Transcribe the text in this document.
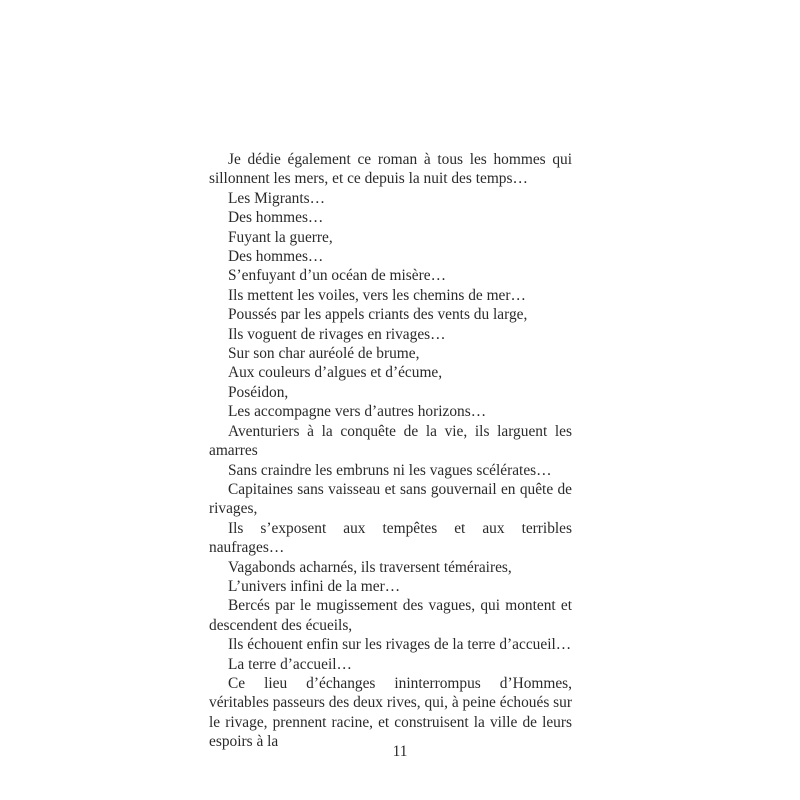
Je dédie également ce roman à tous les hommes qui sillonnent les mers, et ce depuis la nuit des temps…

Les Migrants…

Des hommes…

Fuyant la guerre,

Des hommes…

S’enfuyant d’un océan de misère…

Ils mettent les voiles, vers les chemins de mer…

Poussés par les appels criants des vents du large,

Ils voguent de rivages en rivages…

Sur son char auréolé de brume,

Aux couleurs d’algues et d’écume,

Poséidon,

Les accompagne vers d’autres horizons…

Aventuriers à la conquête de la vie, ils larguent les amarres

Sans craindre les embruns ni les vagues scélérates…

Capitaines sans vaisseau et sans gouvernail en quête de rivages,

Ils s’exposent aux tempêtes et aux terribles naufrages…

Vagabonds acharnés, ils traversent téméraires,

L’univers infini de la mer…

Bercés par le mugissement des vagues, qui montent et descendent des écueils,

Ils échouent enfin sur les rivages de la terre d’accueil…

La terre d’accueil…

Ce lieu d’échanges ininterrompus d’Hommes, véritables passeurs des deux rives, qui, à peine échoués sur le rivage, prennent racine, et construisent la ville de leurs espoirs à la

11
